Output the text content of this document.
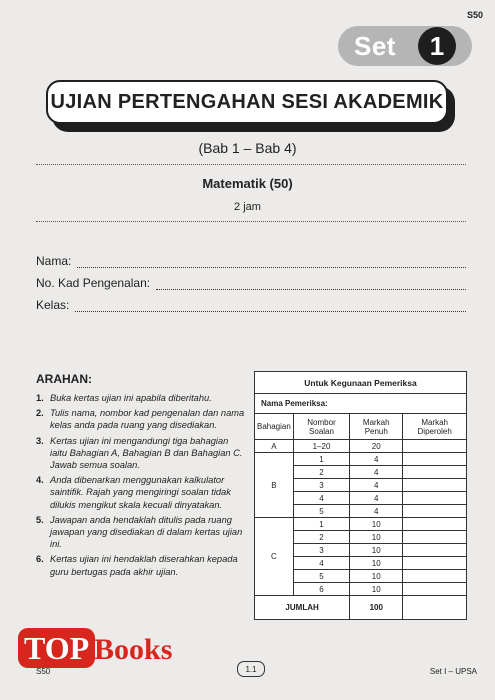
S50
Set	1
UJIAN PERTENGAHAN SESI AKADEMIK
(Bab 1 – Bab 4)
Matematik (50)
2 jam
Nama:
No. Kad Pengenalan:
Kelas:
ARAHAN:
1. Buka kertas ujian ini apabila diberitahu.
2. Tulis nama, nombor kad pengenalan dan nama kelas anda pada ruang yang disediakan.
3. Kertas ujian ini mengandungi tiga bahagian iaitu Bahagian A, Bahagian B dan Bahagian C. Jawab semua soalan.
4. Anda dibenarkan menggunakan kalkulator saintifik. Rajah yang mengiringi soalan tidak dilukis mengikut skala kecuali dinyatakan.
5. Jawapan anda hendaklah ditulis pada ruang jawapan yang disediakan di dalam kertas ujian ini.
6. Kertas ujian ini hendaklah diserahkan kepada guru bertugas pada akhir ujian.
Untuk Kegunaan Pemeriksa			
Nama Pemeriksa:			
Bahagian	Nombor Soalan	Markah Penuh	Markah Diperoleh
A	1–20	20	
B	1	4	
	2	4	
	3	4	
	4	4	
	5	4	
C	1	10	
	2	10	
	3	10	
	4	10	
	5	10	
	6	10	
JUMLAH		100	
TOP Books
S50	1.1	Set I – UPSA
